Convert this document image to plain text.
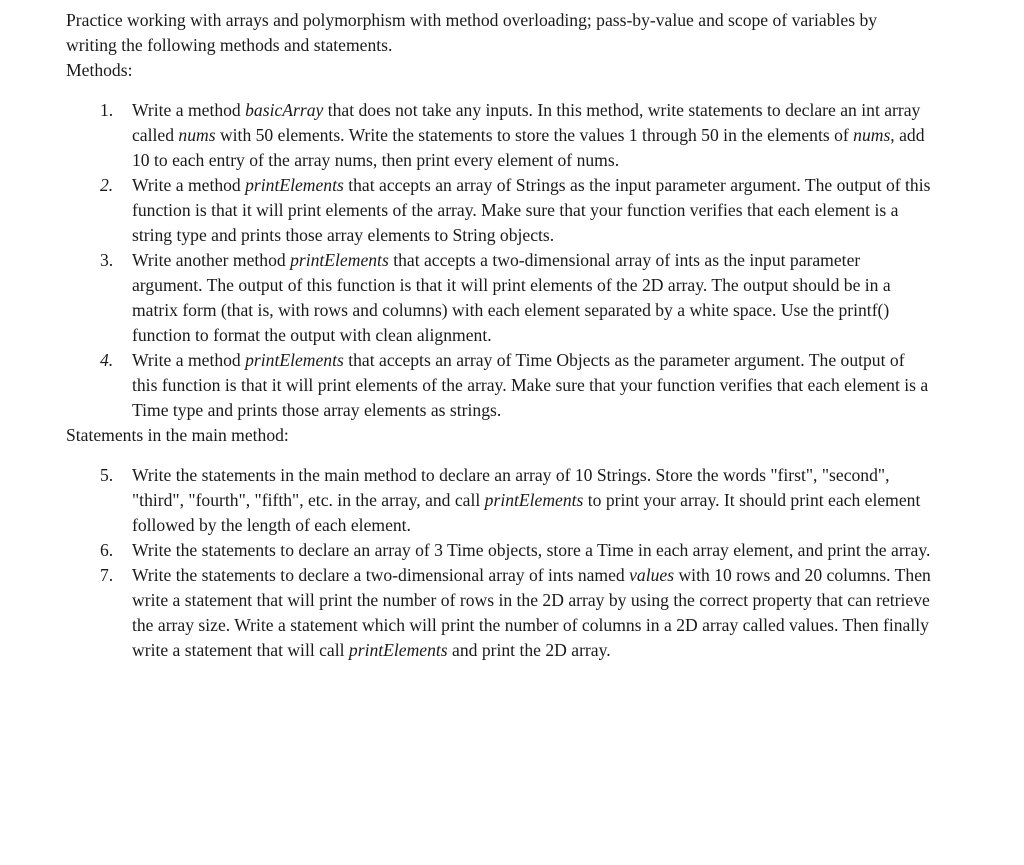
Practice working with arrays and polymorphism with method overloading; pass-by-value and scope of variables by writing the following methods and statements.

Methods:

1. Write a method basicArray that does not take any inputs. In this method, write statements to declare an int array called nums with 50 elements. Write the statements to store the values 1 through 50 in the elements of nums, add 10 to each entry of the array nums, then print every element of nums.
2. Write a method printElements that accepts an array of Strings as the input parameter argument. The output of this function is that it will print elements of the array. Make sure that your function verifies that each element is a string type and prints those array elements to String objects.
3. Write another method printElements that accepts a two-dimensional array of ints as the input parameter argument. The output of this function is that it will print elements of the 2D array. The output should be in a matrix form (that is, with rows and columns) with each element separated by a white space. Use the printf() function to format the output with clean alignment.
4. Write a method printElements that accepts an array of Time Objects as the parameter argument. The output of this function is that it will print elements of the array. Make sure that your function verifies that each element is a Time type and prints those array elements as strings.

Statements in the main method:

5. Write the statements in the main method to declare an array of 10 Strings. Store the words "first", "second", "third", "fourth", "fifth", etc. in the array, and call printElements to print your array. It should print each element followed by the length of each element.
6. Write the statements to declare an array of 3 Time objects, store a Time in each array element, and print the array.
7. Write the statements to declare a two-dimensional array of ints named values with 10 rows and 20 columns. Then write a statement that will print the number of rows in the 2D array by using the correct property that can retrieve the array size. Write a statement which will print the number of columns in a 2D array called values. Then finally write a statement that will call printElements and print the 2D array.
